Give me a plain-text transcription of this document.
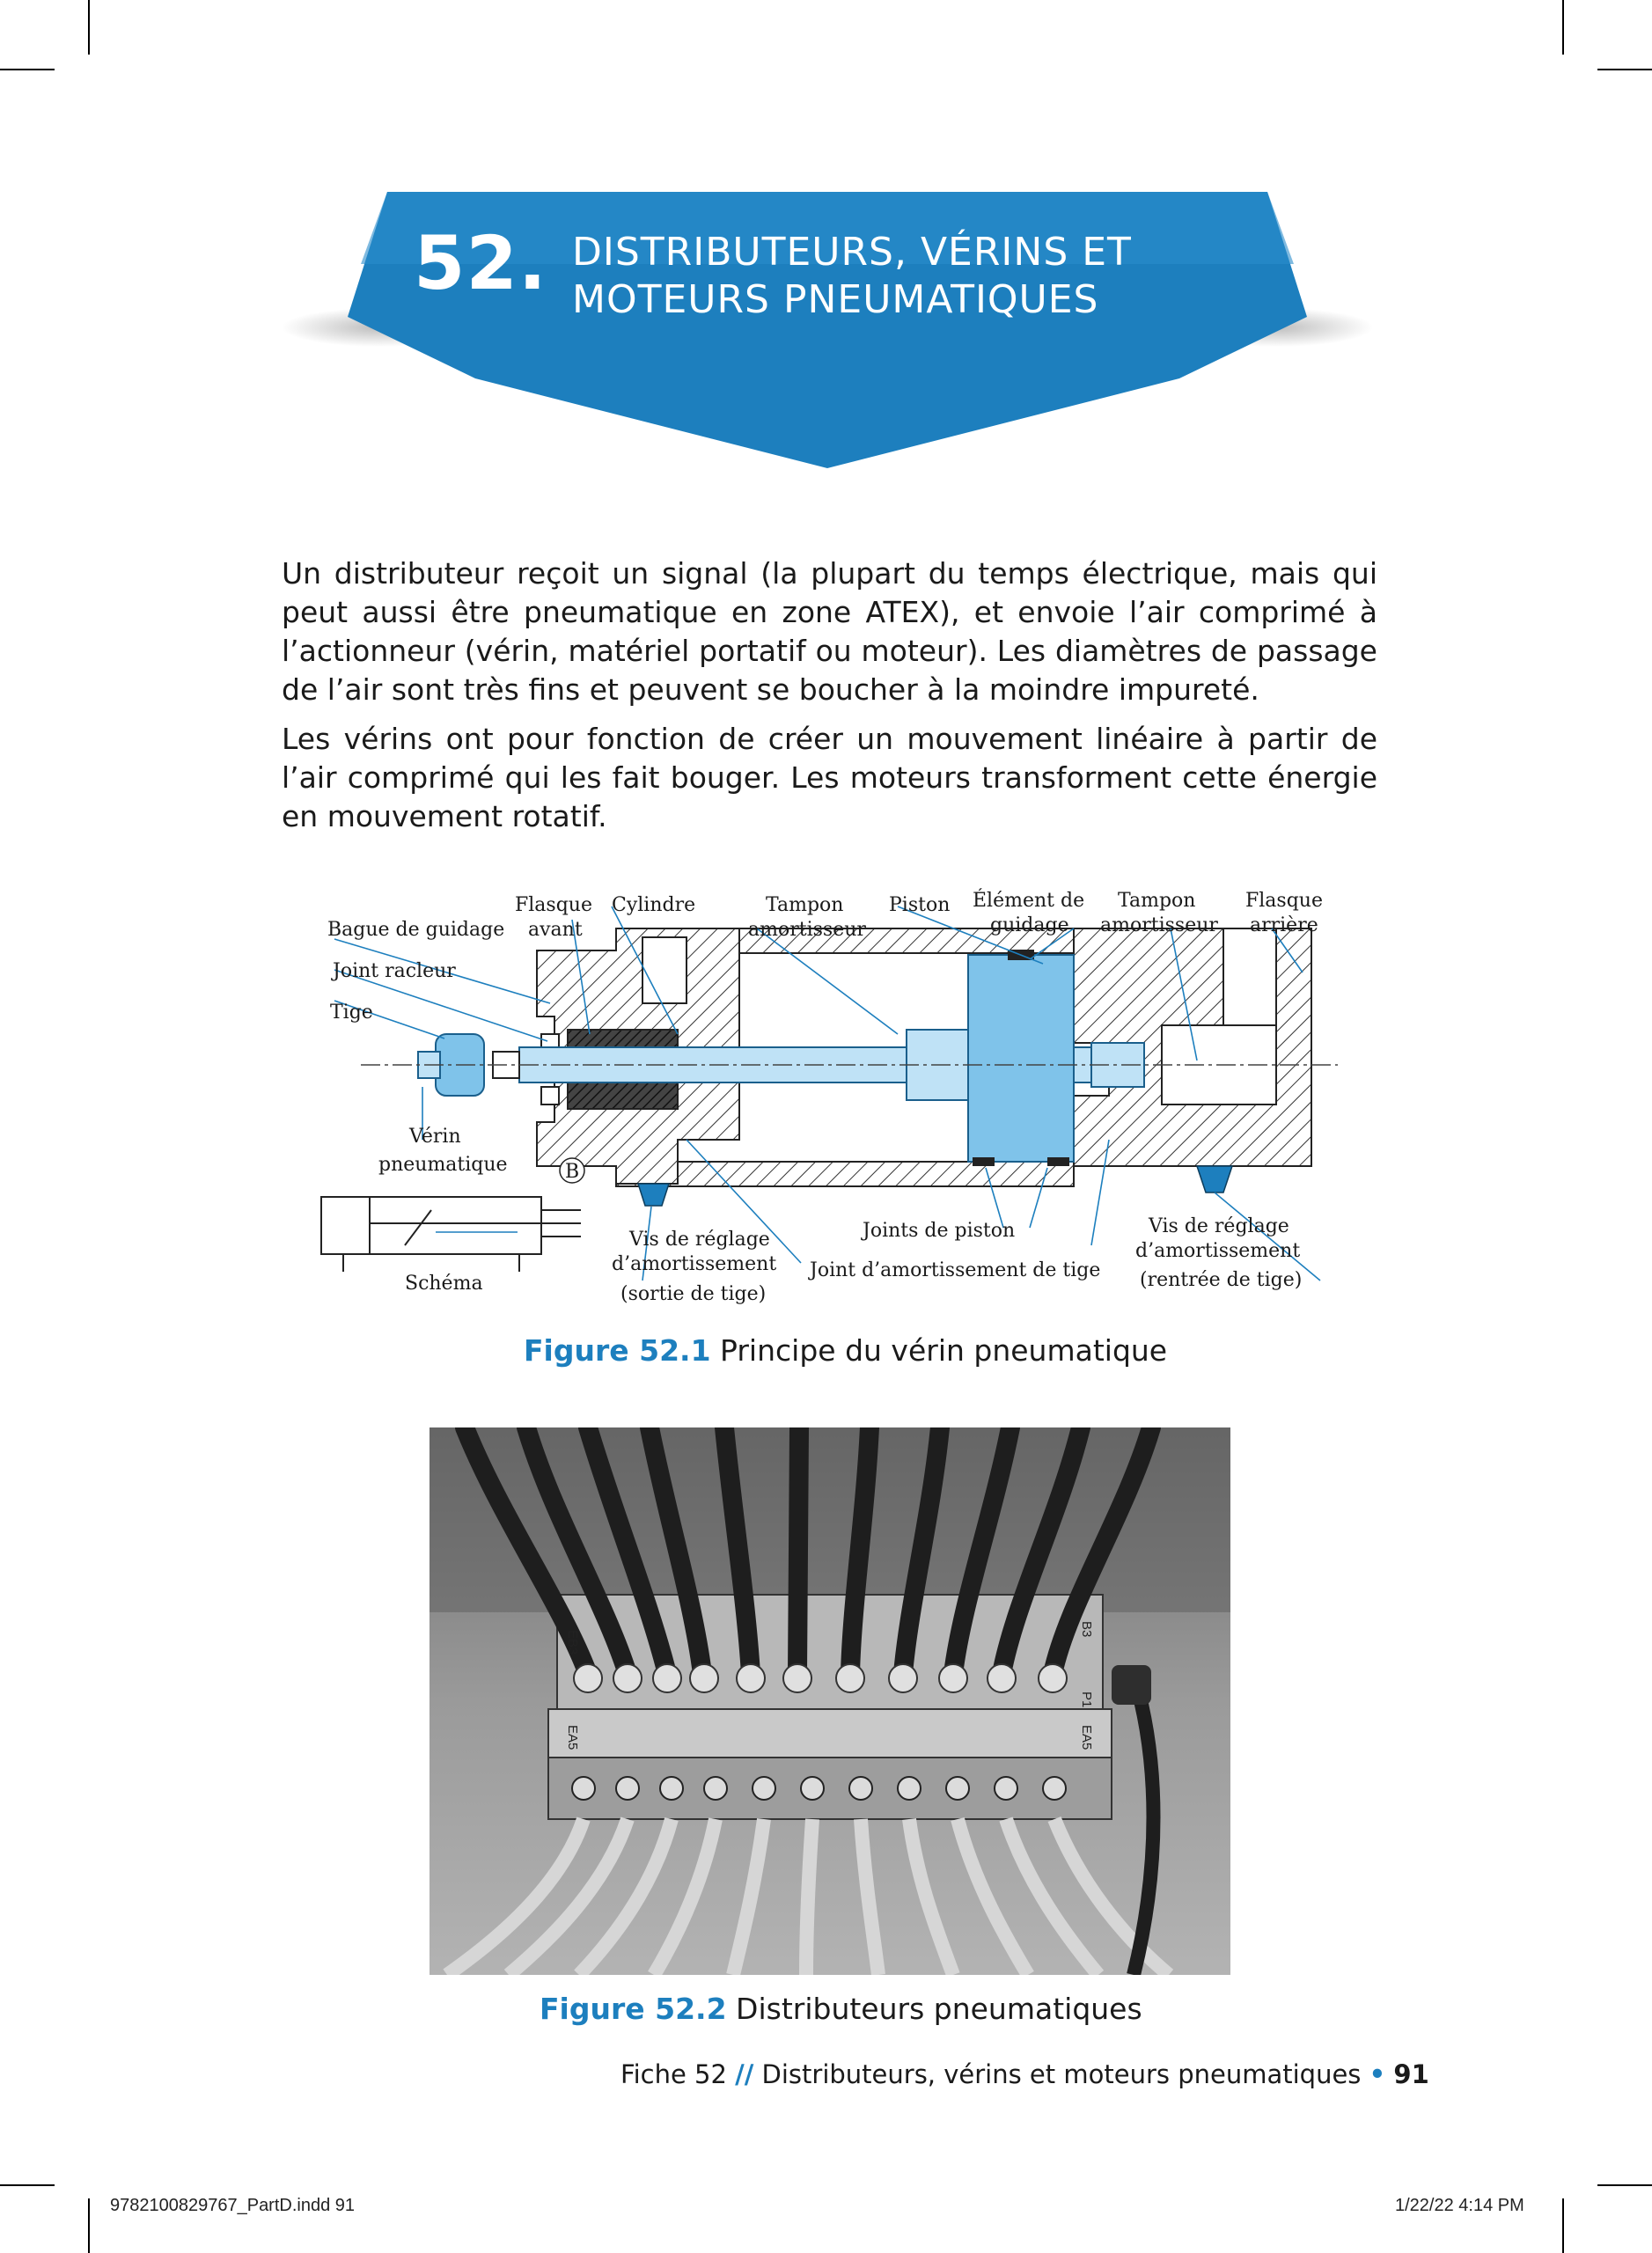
52. DISTRIBUTEURS, VÉRINS ET
MOTEURS PNEUMATIQUES

Un distributeur reçoit un signal (la plupart du temps électrique, mais qui peut aussi être pneumatique en zone ATEX), et envoie l’air comprimé à l’actionneur (vérin, matériel portatif ou moteur). Les diamètres de passage de l’air sont très fins et peuvent se boucher à la moindre impureté.

Les vérins ont pour fonction de créer un mouvement linéaire à partir de l’air comprimé qui les fait bouger. Les moteurs transforment cette énergie en mouvement rotatif.

Flasque
avant
Cylindre	Tampon
amortisseur
Piston Élément de
guidage
Tampon
amortisseur
Flasque
arrière
Bague de guidage
Joint racleur
Tige
Vérin
pneumatique	B
Schéma
Vis de réglage
d’amortissement
(sortie de tige)
Joints de piston
Joint d’amortissement de tige
Vis de réglage
d’amortissement
(rentrée de tige)
Figure 52.1 Principe du vérin pneumatique
EB3
EA5
B3
P1
EA5
Figure 52.2 Distributeurs pneumatiques
Fiche 52 // Distributeurs, vérins et moteurs pneumatiques • 91
9782100829767_PartD.indd 91	1/22/22 4:14 PM
